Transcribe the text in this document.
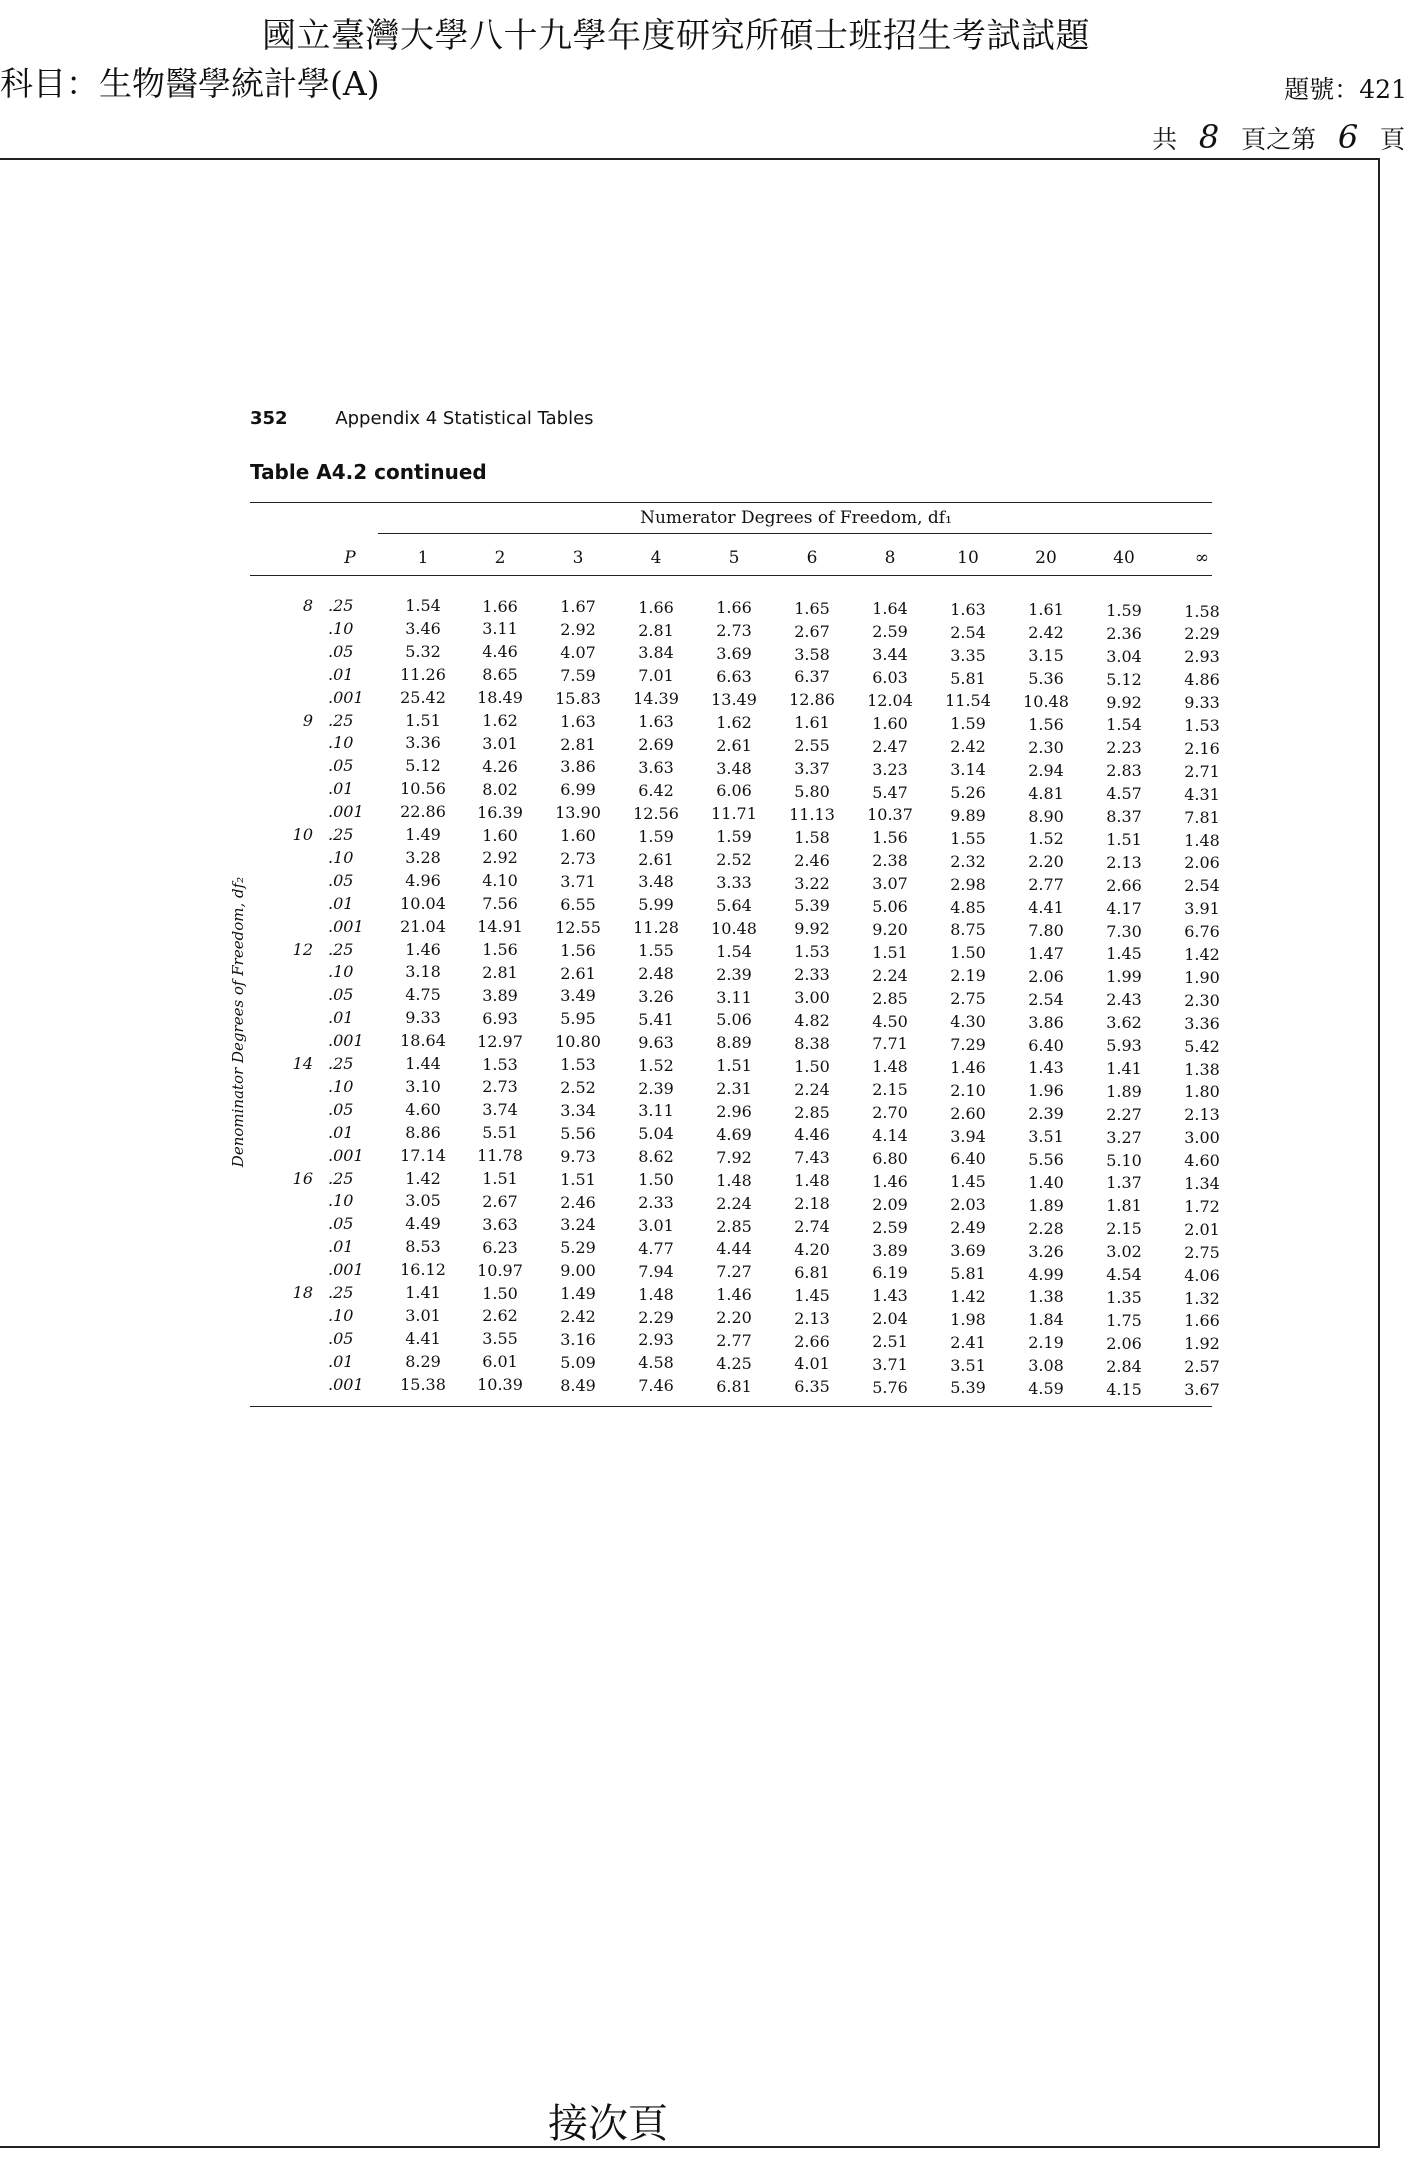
國立臺灣大學八十九學年度研究所碩士班招生考試試題
科目：生物醫學統計學(A)	題號：421
共 8 頁之第 6 頁
352	Appendix 4 Statistical Tables
Table A4.2 continued
Numerator Degrees of Freedom, df₁
P	1	2	3	4	5	6	8	10	20	40	∞
Denominator Degrees of Freedom, df₂
8 .25	1.54	1.66	1.67	1.66	1.66	1.65	1.64	1.63	1.61	1.59	1.58
.10	3.46	3.11	2.92	2.81	2.73	2.67	2.59	2.54	2.42	2.36	2.29
.05	5.32	4.46	4.07	3.84	3.69	3.58	3.44	3.35	3.15	3.04	2.93
.01	11.26	8.65	7.59	7.01	6.63	6.37	6.03	5.81	5.36	5.12	4.86
.001	25.42	18.49	15.83	14.39	13.49	12.86	12.04	11.54	10.48	9.92	9.33
9 .25	1.51	1.62	1.63	1.63	1.62	1.61	1.60	1.59	1.56	1.54	1.53
.10	3.36	3.01	2.81	2.69	2.61	2.55	2.47	2.42	2.30	2.23	2.16
.05	5.12	4.26	3.86	3.63	3.48	3.37	3.23	3.14	2.94	2.83	2.71
.01	10.56	8.02	6.99	6.42	6.06	5.80	5.47	5.26	4.81	4.57	4.31
.001	22.86	16.39	13.90	12.56	11.71	11.13	10.37	9.89	8.90	8.37	7.81
10 .25	1.49	1.60	1.60	1.59	1.59	1.58	1.56	1.55	1.52	1.51	1.48
.10	3.28	2.92	2.73	2.61	2.52	2.46	2.38	2.32	2.20	2.13	2.06
.05	4.96	4.10	3.71	3.48	3.33	3.22	3.07	2.98	2.77	2.66	2.54
.01	10.04	7.56	6.55	5.99	5.64	5.39	5.06	4.85	4.41	4.17	3.91
.001	21.04	14.91	12.55	11.28	10.48	9.92	9.20	8.75	7.80	7.30	6.76
12 .25	1.46	1.56	1.56	1.55	1.54	1.53	1.51	1.50	1.47	1.45	1.42
.10	3.18	2.81	2.61	2.48	2.39	2.33	2.24	2.19	2.06	1.99	1.90
.05	4.75	3.89	3.49	3.26	3.11	3.00	2.85	2.75	2.54	2.43	2.30
.01	9.33	6.93	5.95	5.41	5.06	4.82	4.50	4.30	3.86	3.62	3.36
.001	18.64	12.97	10.80	9.63	8.89	8.38	7.71	7.29	6.40	5.93	5.42
14 .25	1.44	1.53	1.53	1.52	1.51	1.50	1.48	1.46	1.43	1.41	1.38
.10	3.10	2.73	2.52	2.39	2.31	2.24	2.15	2.10	1.96	1.89	1.80
.05	4.60	3.74	3.34	3.11	2.96	2.85	2.70	2.60	2.39	2.27	2.13
.01	8.86	5.51	5.56	5.04	4.69	4.46	4.14	3.94	3.51	3.27	3.00
.001	17.14	11.78	9.73	8.62	7.92	7.43	6.80	6.40	5.56	5.10	4.60
16 .25	1.42	1.51	1.51	1.50	1.48	1.48	1.46	1.45	1.40	1.37	1.34
.10	3.05	2.67	2.46	2.33	2.24	2.18	2.09	2.03	1.89	1.81	1.72
.05	4.49	3.63	3.24	3.01	2.85	2.74	2.59	2.49	2.28	2.15	2.01
.01	8.53	6.23	5.29	4.77	4.44	4.20	3.89	3.69	3.26	3.02	2.75
.001	16.12	10.97	9.00	7.94	7.27	6.81	6.19	5.81	4.99	4.54	4.06
18 .25	1.41	1.50	1.49	1.48	1.46	1.45	1.43	1.42	1.38	1.35	1.32
.10	3.01	2.62	2.42	2.29	2.20	2.13	2.04	1.98	1.84	1.75	1.66
.05	4.41	3.55	3.16	2.93	2.77	2.66	2.51	2.41	2.19	2.06	1.92
.01	8.29	6.01	5.09	4.58	4.25	4.01	3.71	3.51	3.08	2.84	2.57
.001	15.38	10.39	8.49	7.46	6.81	6.35	5.76	5.39	4.59	4.15	3.67
接次頁
